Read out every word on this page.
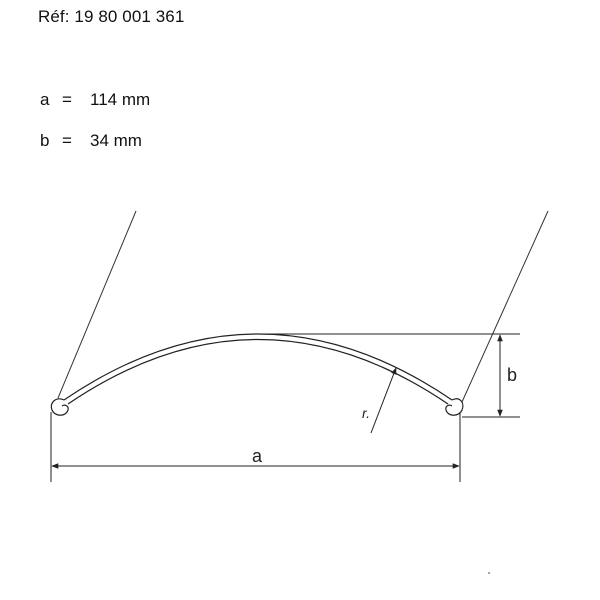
Réf: 19 80 001 361
a =	114 mm
b =	34 mm
a
b
r.
